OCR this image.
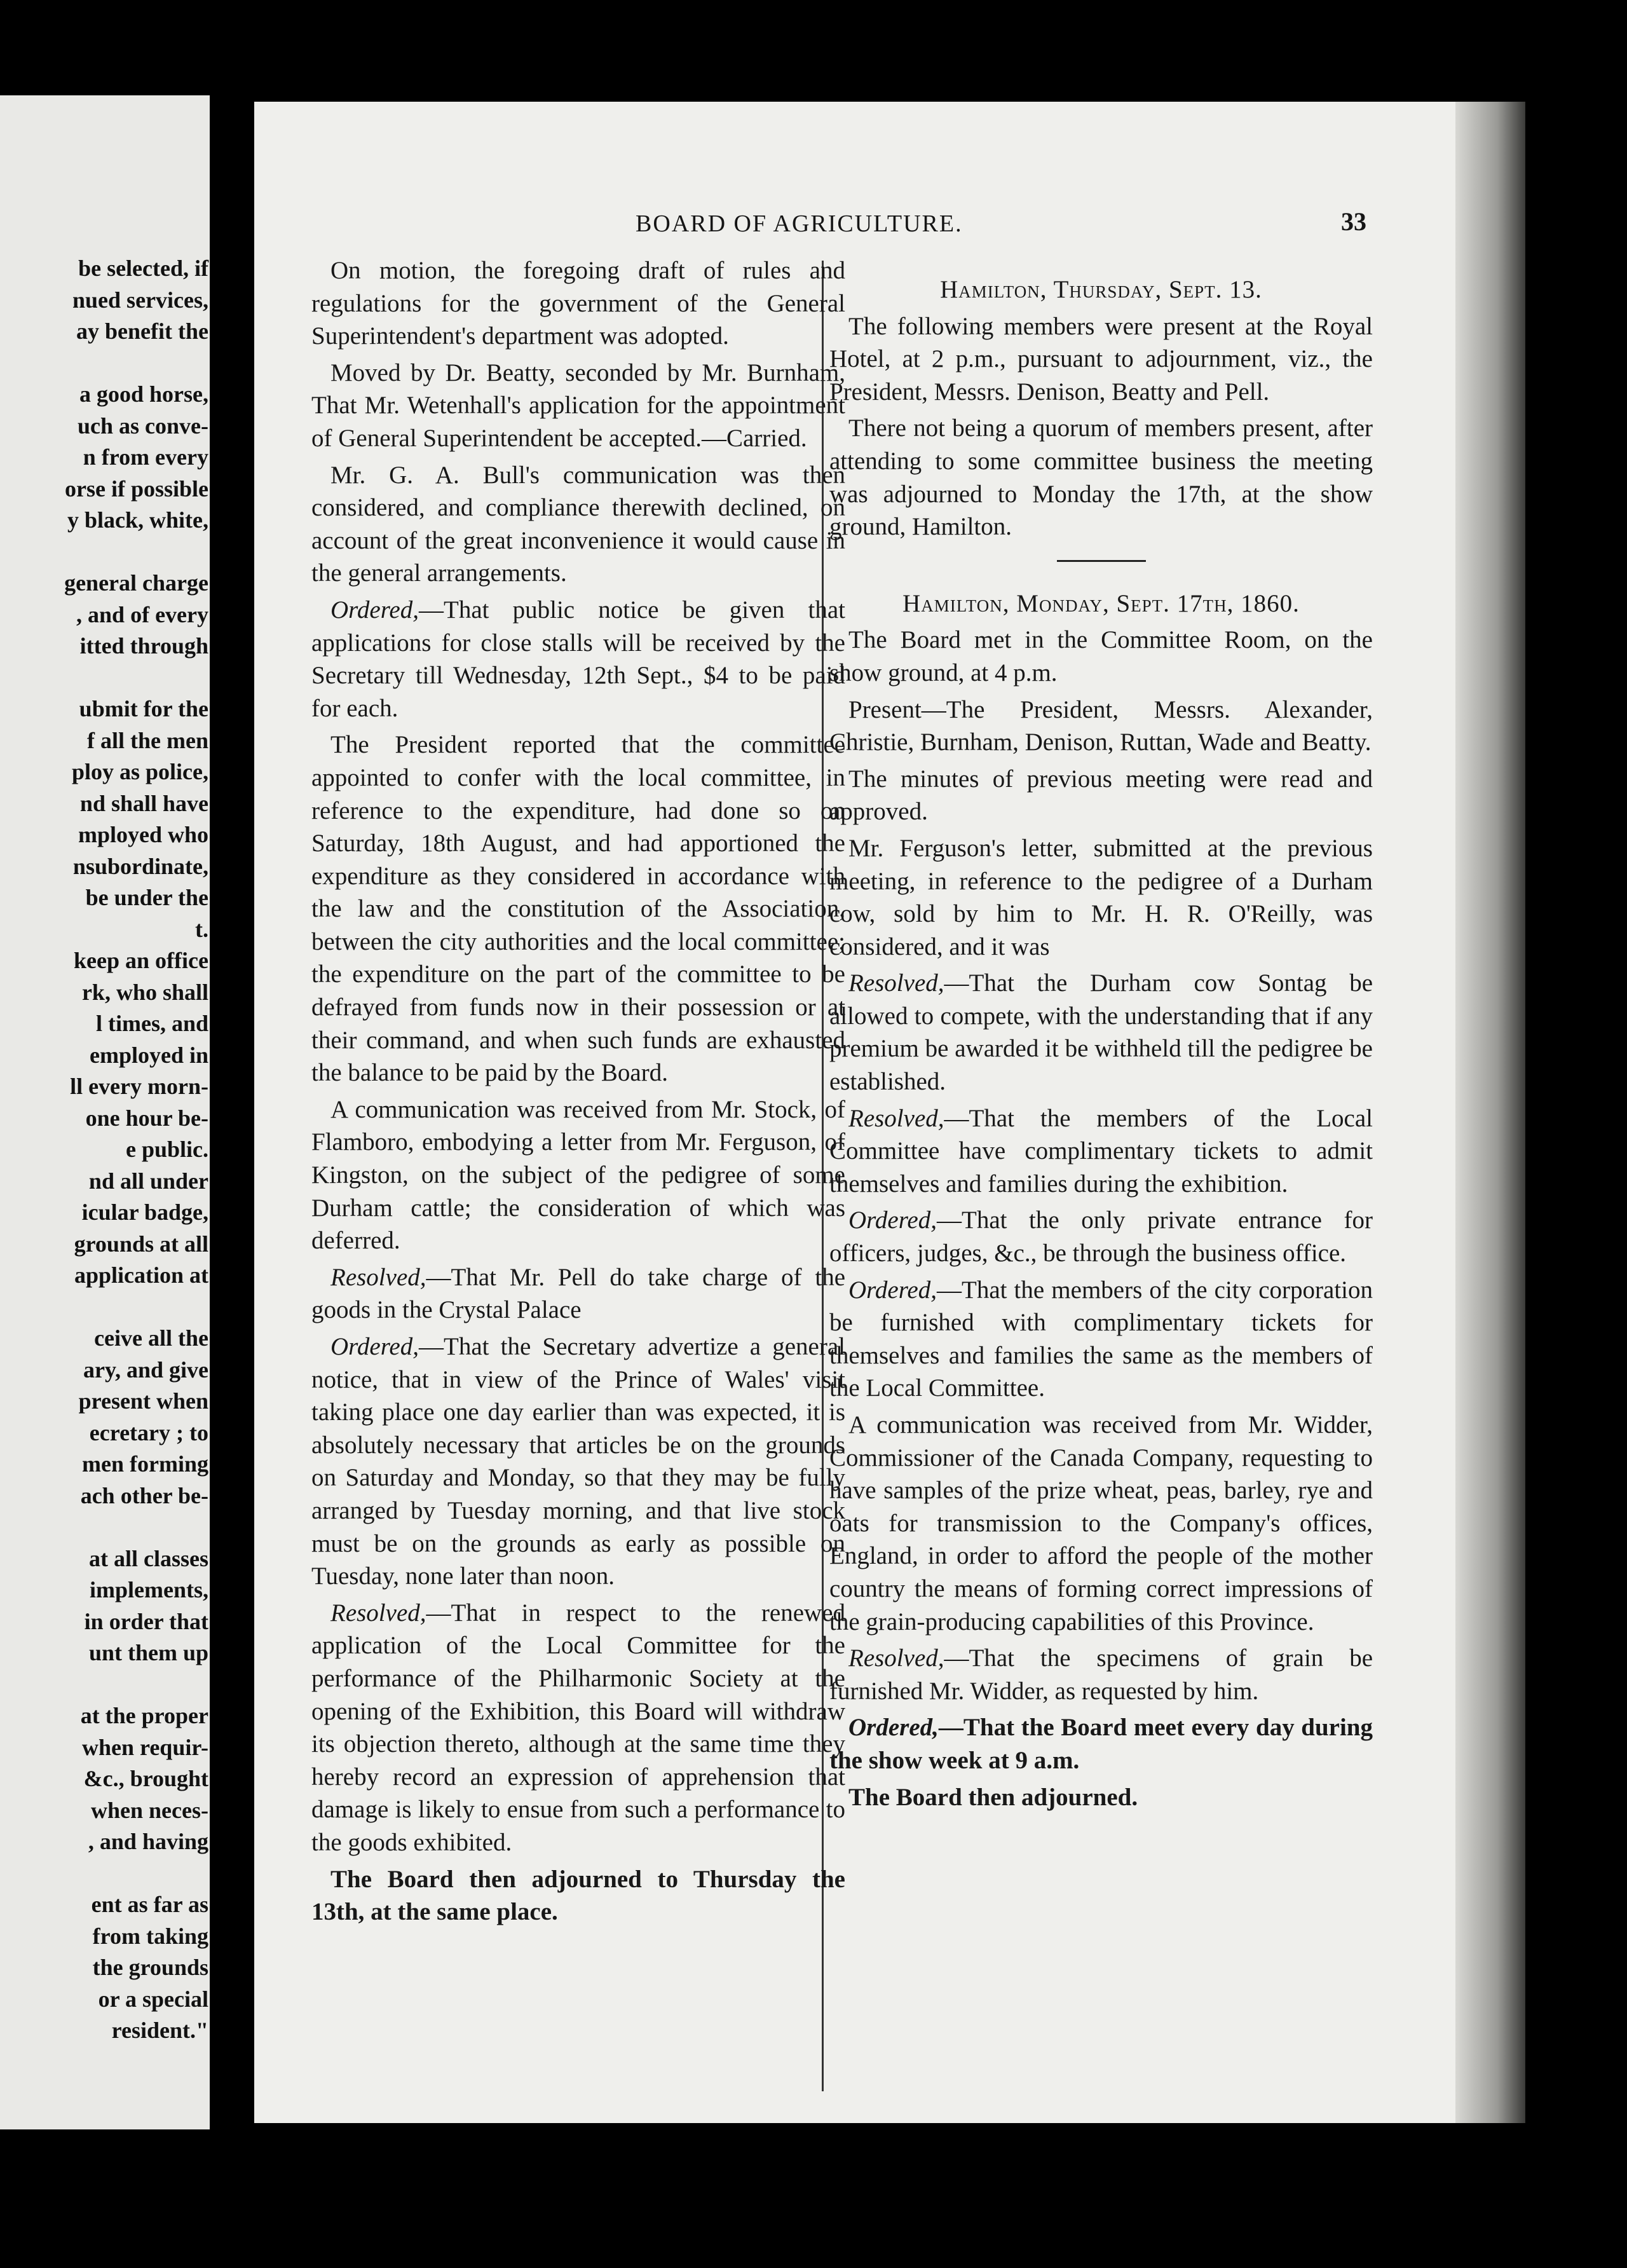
be selected, if
nued services,
ay benefit the

a good horse,
uch as conve-
n from every
orse if possible
y black, white,

general charge
, and of every
itted through

ubmit for the
f all the men
ploy as police,
nd shall have
mployed who
nsubordinate,
be under the
t.
keep an office
rk, who shall
l times, and
employed in
ll every morn-
one hour be-
e public.
nd all under
icular badge,
grounds at all
application at

ceive all the
ary, and give
present when
ecretary ; to
men forming
ach other be-

at all classes
implements,
in order that
unt them up

at the proper
when requir-
&c., brought
when neces-
, and having

ent as far as
from taking
the grounds
or a special
resident."
BOARD OF AGRICULTURE.	33

On motion, the foregoing draft of rules and regulations for the government of the General Superintendent's department was adopted.

Moved by Dr. Beatty, seconded by Mr. Burnham, That Mr. Wetenhall's application for the appointment of General Superintendent be accepted.—Carried.

Mr. G. A. Bull's communication was then considered, and compliance therewith declined, on account of the great inconvenience it would cause in the general arrangements.

Ordered,—That public notice be given that applications for close stalls will be received by the Secretary till Wednesday, 12th Sept., $4 to be paid for each.

The President reported that the committee appointed to confer with the local committee, in reference to the expenditure, had done so on Saturday, 18th August, and had apportioned the expenditure as they considered in accordance with the law and the constitution of the Association, between the city authorities and the local committee; the expenditure on the part of the committee to be defrayed from funds now in their possession or at their command, and when such funds are exhausted the balance to be paid by the Board.

A communication was received from Mr. Stock, of Flamboro, embodying a letter from Mr. Ferguson, of Kingston, on the subject of the pedigree of some Durham cattle; the consideration of which was deferred.

Resolved,—That Mr. Pell do take charge of the goods in the Crystal Palace

Ordered,—That the Secretary advertize a general notice, that in view of the Prince of Wales' visit taking place one day earlier than was expected, it is absolutely necessary that articles be on the grounds on Saturday and Monday, so that they may be fully arranged by Tuesday morning, and that live stock must be on the grounds as early as possible on Tuesday, none later than noon.

Resolved,—That in respect to the renewed application of the Local Committee for the performance of the Philharmonic Society at the opening of the Exhibition, this Board will withdraw its objection thereto, although at the same time they hereby record an expression of apprehension that damage is likely to ensue from such a performance to the goods exhibited.

The Board then adjourned to Thursday the 13th, at the same place.

Hamilton, Thursday, Sept. 13.

The following members were present at the Royal Hotel, at 2 p.m., pursuant to adjournment, viz., the President, Messrs. Denison, Beatty and Pell.

There not being a quorum of members present, after attending to some committee business the meeting was adjourned to Monday the 17th, at the show ground, Hamilton.

Hamilton, Monday, Sept. 17th, 1860.

The Board met in the Committee Room, on the show ground, at 4 p.m.

Present—The President, Messrs. Alexander, Christie, Burnham, Denison, Ruttan, Wade and Beatty.

The minutes of previous meeting were read and approved.

Mr. Ferguson's letter, submitted at the previous meeting, in reference to the pedigree of a Durham cow, sold by him to Mr. H. R. O'Reilly, was considered, and it was

Resolved,—That the Durham cow Sontag be allowed to compete, with the understanding that if any premium be awarded it be withheld till the pedigree be established.

Resolved,—That the members of the Local Committee have complimentary tickets to admit themselves and families during the exhibition.

Ordered,—That the only private entrance for officers, judges, &c., be through the business office.

Ordered,—That the members of the city corporation be furnished with complimentary tickets for themselves and families the same as the members of the Local Committee.

A communication was received from Mr. Widder, Commissioner of the Canada Company, requesting to have samples of the prize wheat, peas, barley, rye and oats for transmission to the Company's offices, England, in order to afford the people of the mother country the means of forming correct impressions of the grain-producing capabilities of this Province.

Resolved,—That the specimens of grain be furnished Mr. Widder, as requested by him.

Ordered,—That the Board meet every day during the show week at 9 a.m.

The Board then adjourned.
